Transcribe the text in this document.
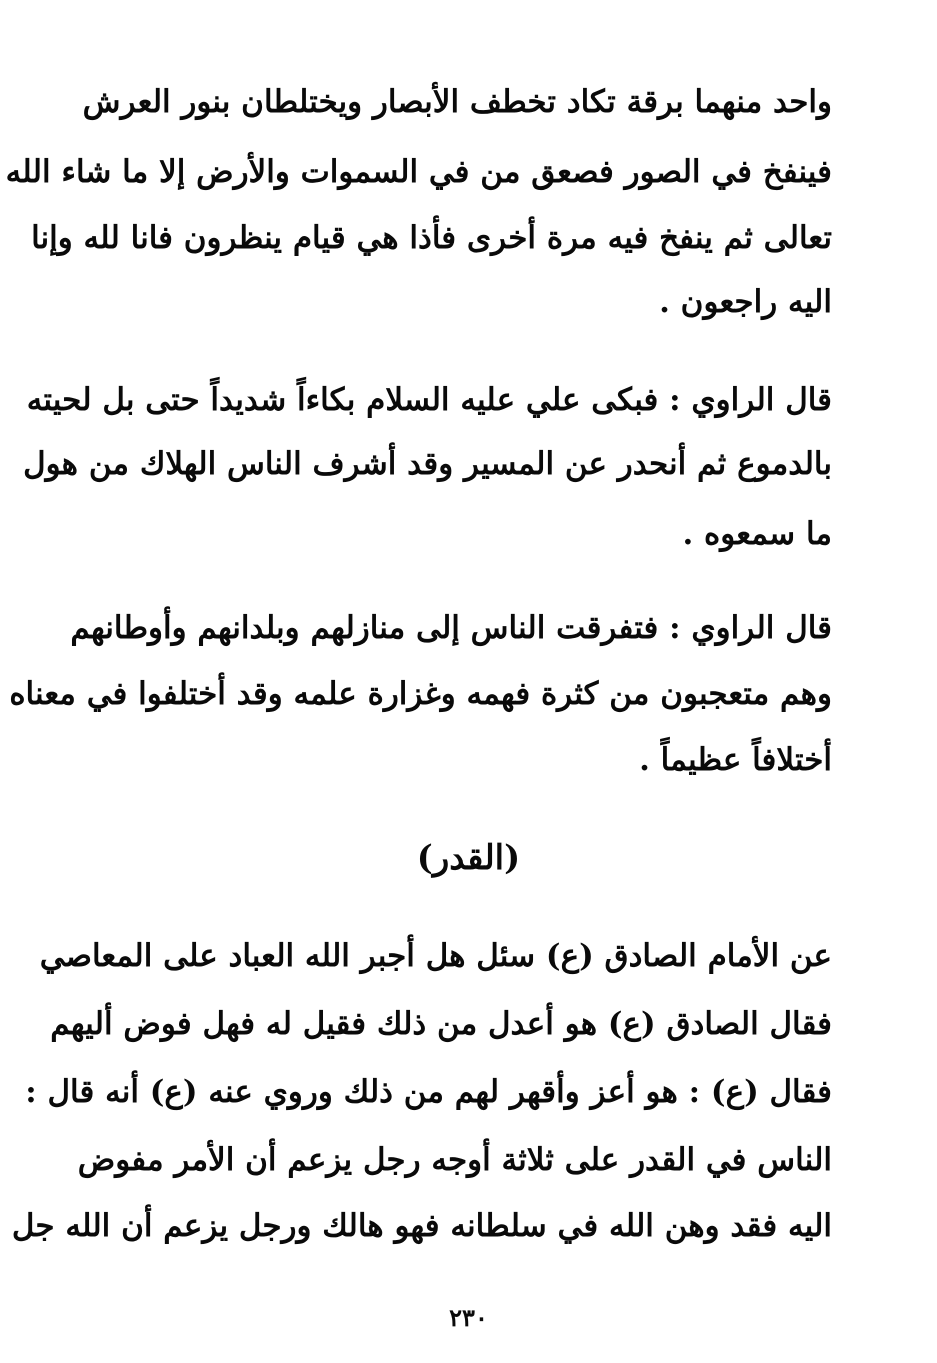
واحد منهما برقة تكاد تخطف الأبصار ويختلطان بنور العرش
فينفخ في الصور فصعق من في السموات والأرض إلا ما شاء الله
تعالى ثم ينفخ فيه مرة أخرى فأذا هي قيام ينظرون فانا لله وإنا
اليه راجعون .
قال الراوي : فبكى علي عليه السلام بكاءاً شديداً حتى بل لحيته
بالدموع ثم أنحدر عن المسير وقد أشرف الناس الهلاك من هول
ما سمعوه .
قال الراوي : فتفرقت الناس إلى منازلهم وبلدانهم وأوطانهم
وهم متعجبون من كثرة فهمه وغزارة علمه وقد أختلفوا في معناه
أختلافاً عظيماً .
(القدر)
عن الأمام الصادق (ع) سئل هل أجبر الله العباد على المعاصي
فقال الصادق (ع) هو أعدل من ذلك فقيل له فهل فوض أليهم
فقال (ع) : هو أعز وأقهر لهم من ذلك وروي عنه (ع) أنه قال :
الناس في القدر على ثلاثة أوجه رجل يزعم أن الأمر مفوض
اليه فقد وهن الله في سلطانه فهو هالك ورجل يزعم أن الله جل
٢٣٠
